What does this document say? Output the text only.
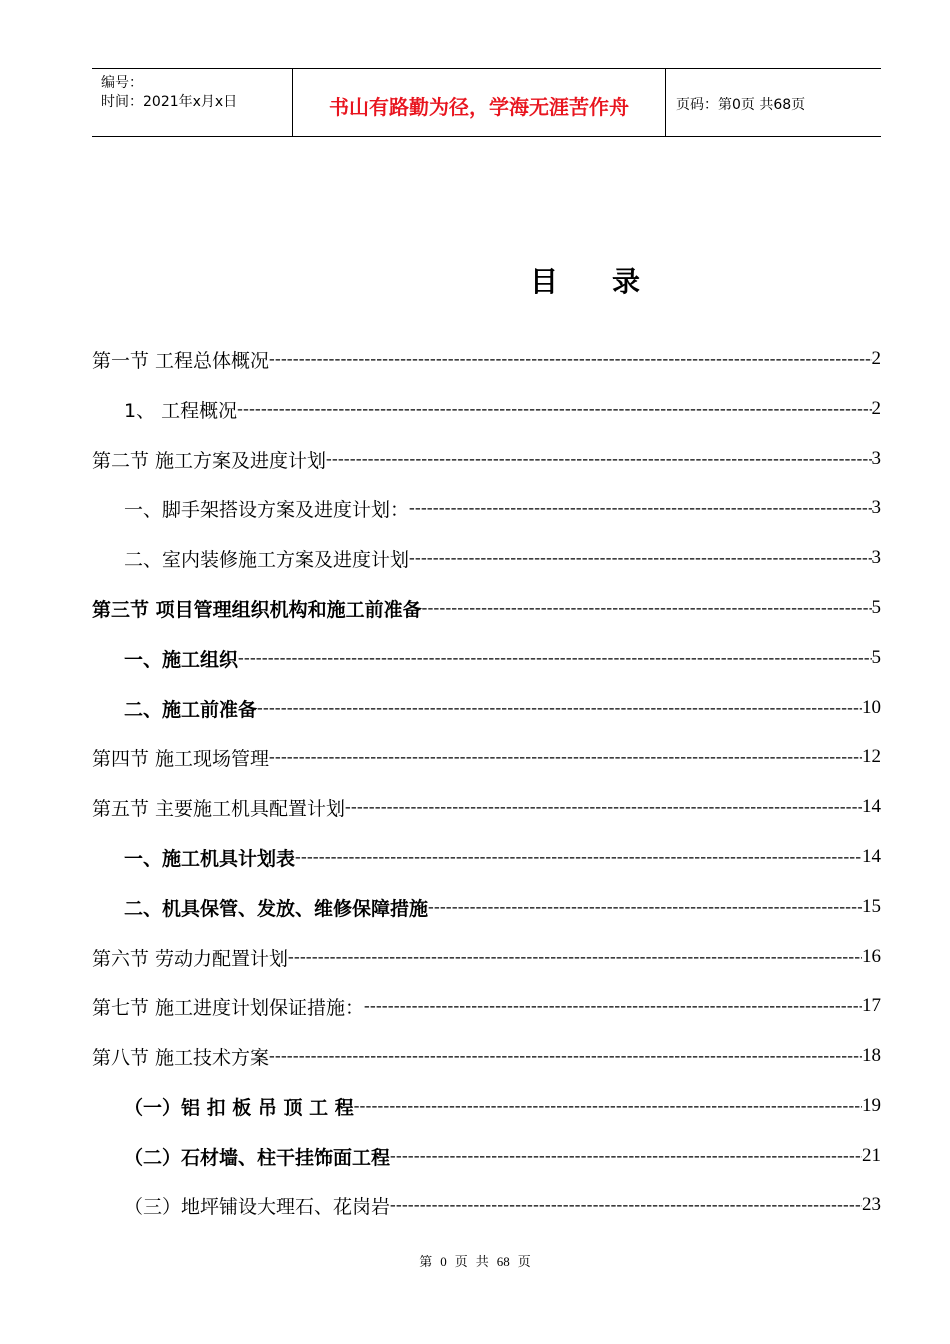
编号：
时间：2021年x月x日	书山有路勤为径，学海无涯苦作舟	页码：第0页 共68页
目 录
第一节 工程总体概况 -----	2
1、 工程概况 -----	2
第二节 施工方案及进度计划 -----	3
一、脚手架搭设方案及进度计划： -----	3
二、室内装修施工方案及进度计划 -----	3
第三节 项目管理组织机构和施工前准备 -----	5
一、施工组织 -----	5
二、施工前准备 -----	10
第四节 施工现场管理 -----	12
第五节 主要施工机具配置计划 -----	14
一、施工机具计划表 -----	14
二、机具保管、发放、维修保障措施 -----	15
第六节 劳动力配置计划 -----	16
第七节 施工进度计划保证措施： -----	17
第八节 施工技术方案 -----	18
（一）铝 扣 板 吊 顶 工 程 -----	19
（二）石材墙、柱干挂饰面工程 -----	21
（三）地坪铺设大理石、花岗岩 -----	23
第 0 页 共 68 页
